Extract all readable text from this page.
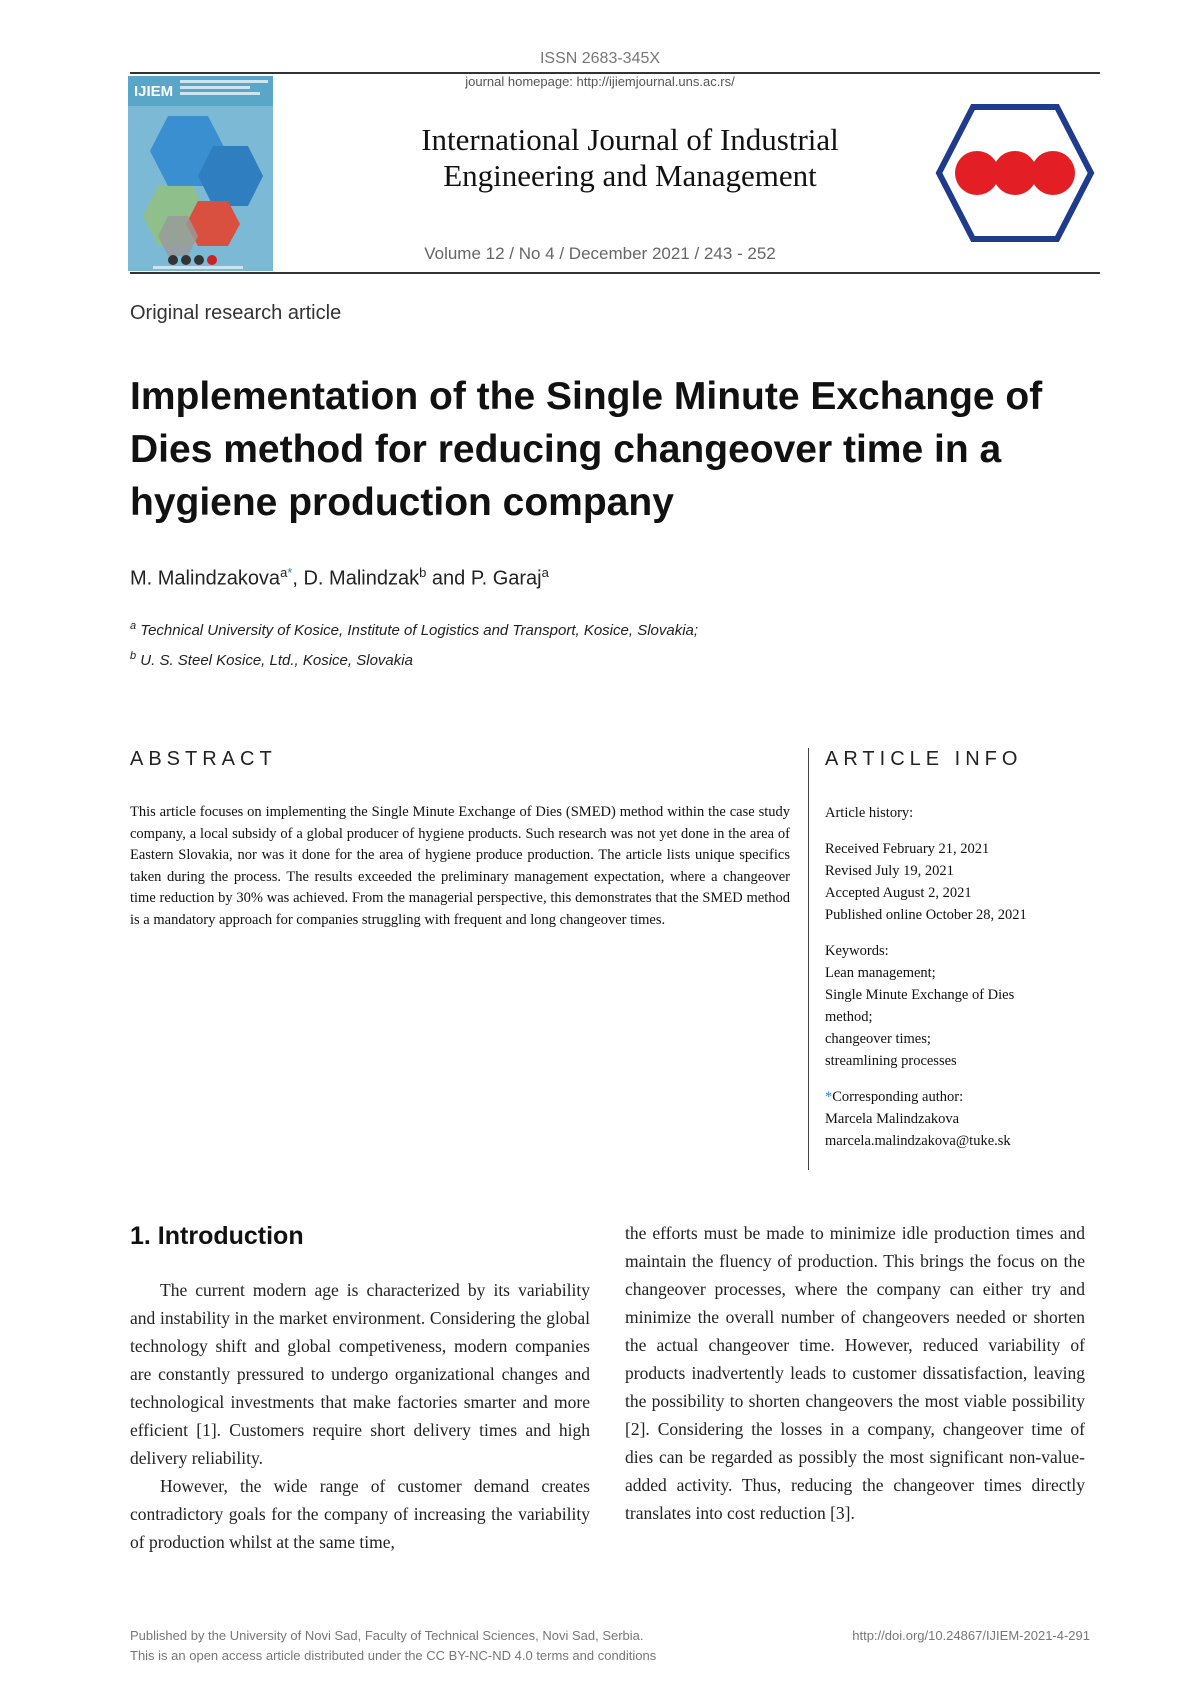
ISSN 2683-345X
journal homepage: http://ijiemjournal.uns.ac.rs/
IJIEM
International Journal of Industrial
Engineering and Management
Volume 12 / No 4 / December 2021 / 243 - 252
Original research article
Implementation of the Single Minute Exchange of Dies method for reducing changeover time in a hygiene production company
M. Malindzakova$^{a*}$, D. Malindzak$^b$ and P. Garaj$^a$
$^a$ Technical University of Kosice, Institute of Logistics and Transport, Kosice, Slovakia;
$^b$ U. S. Steel Kosice, Ltd., Kosice, Slovakia
ABSTRACT
This article focuses on implementing the Single Minute Exchange of Dies (SMED) method within the case study company, a local subsidy of a global producer of hygiene products. Such research was not yet done in the area of Eastern Slovakia, nor was it done for the area of hygiene produce production. The article lists unique specifics taken during the process. The results exceeded the preliminary management expectation, where a changeover time reduction by 30% was achieved. From the managerial perspective, this demonstrates that the SMED method is a mandatory approach for companies struggling with frequent and long changeover times.
ARTICLE INFO
Article history:
Received February 21, 2021
Revised July 19, 2021
Accepted August 2, 2021
Published online October 28, 2021
Keywords:
Lean management;
Single Minute Exchange of Dies
method;
changeover times;
streamlining processes
*Corresponding author:
Marcela Malindzakova
marcela.malindzakova@tuke.sk
1. Introduction

The current modern age is characterized by its variability and instability in the market environment. Considering the global technology shift and global competiveness, modern companies are constantly pressured to undergo organizational changes and technological investments that make factories smarter and more efficient [1]. Customers require short delivery times and high delivery reliability.

However, the wide range of customer demand creates contradictory goals for the company of increasing the variability of production whilst at the same time,

the efforts must be made to minimize idle production times and maintain the fluency of production. This brings the focus on the changeover processes, where the company can either try and minimize the overall number of changeovers needed or shorten the actual changeover time. However, reduced variability of products inadvertently leads to customer dissatisfaction, leaving the possibility to shorten changeovers the most viable possibility [2]. Considering the losses in a company, changeover time of dies can be regarded as possibly the most significant non-value-added activity. Thus, reducing the changeover times directly translates into cost reduction [3].

Published by the University of Novi Sad, Faculty of Technical Sciences, Novi Sad, Serbia.
This is an open access article distributed under the CC BY-NC-ND 4.0 terms and conditions
http://doi.org/10.24867/IJIEM-2021-4-291
